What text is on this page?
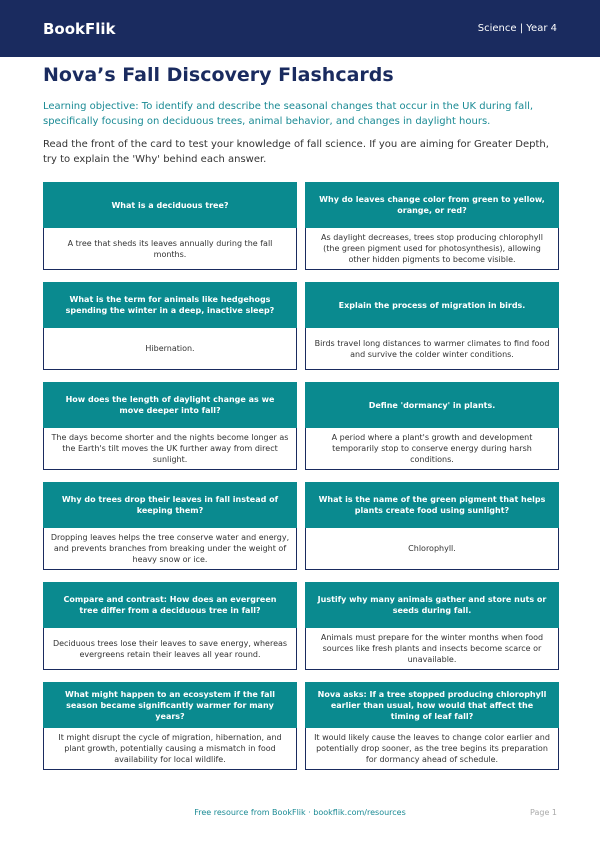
BookFlik	Science | Year 4
Nova’s Fall Discovery Flashcards

Learning objective: To identify and describe the seasonal changes that occur in the UK during fall, specifically focusing on deciduous trees, animal behavior, and changes in daylight hours.

Read the front of the card to test your knowledge of fall science. If you are aiming for Greater Depth, try to explain the 'Why' behind each answer.

What is a deciduous tree?
A tree that sheds its leaves annually during the fall months.
Why do leaves change color from green to yellow, orange, or red?
As daylight decreases, trees stop producing chlorophyll (the green pigment used for photosynthesis), allowing other hidden pigments to become visible.
What is the term for animals like hedgehogs spending the winter in a deep, inactive sleep?
Hibernation.
Explain the process of migration in birds.
Birds travel long distances to warmer climates to find food and survive the colder winter conditions.
How does the length of daylight change as we move deeper into fall?
The days become shorter and the nights become longer as the Earth's tilt moves the UK further away from direct sunlight.
Define 'dormancy' in plants.
A period where a plant's growth and development temporarily stop to conserve energy during harsh conditions.
Why do trees drop their leaves in fall instead of keeping them?
Dropping leaves helps the tree conserve water and energy, and prevents branches from breaking under the weight of heavy snow or ice.
What is the name of the green pigment that helps plants create food using sunlight?
Chlorophyll.
Compare and contrast: How does an evergreen tree differ from a deciduous tree in fall?
Deciduous trees lose their leaves to save energy, whereas evergreens retain their leaves all year round.
Justify why many animals gather and store nuts or seeds during fall.
Animals must prepare for the winter months when food sources like fresh plants and insects become scarce or unavailable.
What might happen to an ecosystem if the fall season became significantly warmer for many years?
It might disrupt the cycle of migration, hibernation, and plant growth, potentially causing a mismatch in food availability for local wildlife.
Nova asks: If a tree stopped producing chlorophyll earlier than usual, how would that affect the timing of leaf fall?
It would likely cause the leaves to change color earlier and potentially drop sooner, as the tree begins its preparation for dormancy ahead of schedule.
Free resource from BookFlik · bookflik.com/resources	Page 1
